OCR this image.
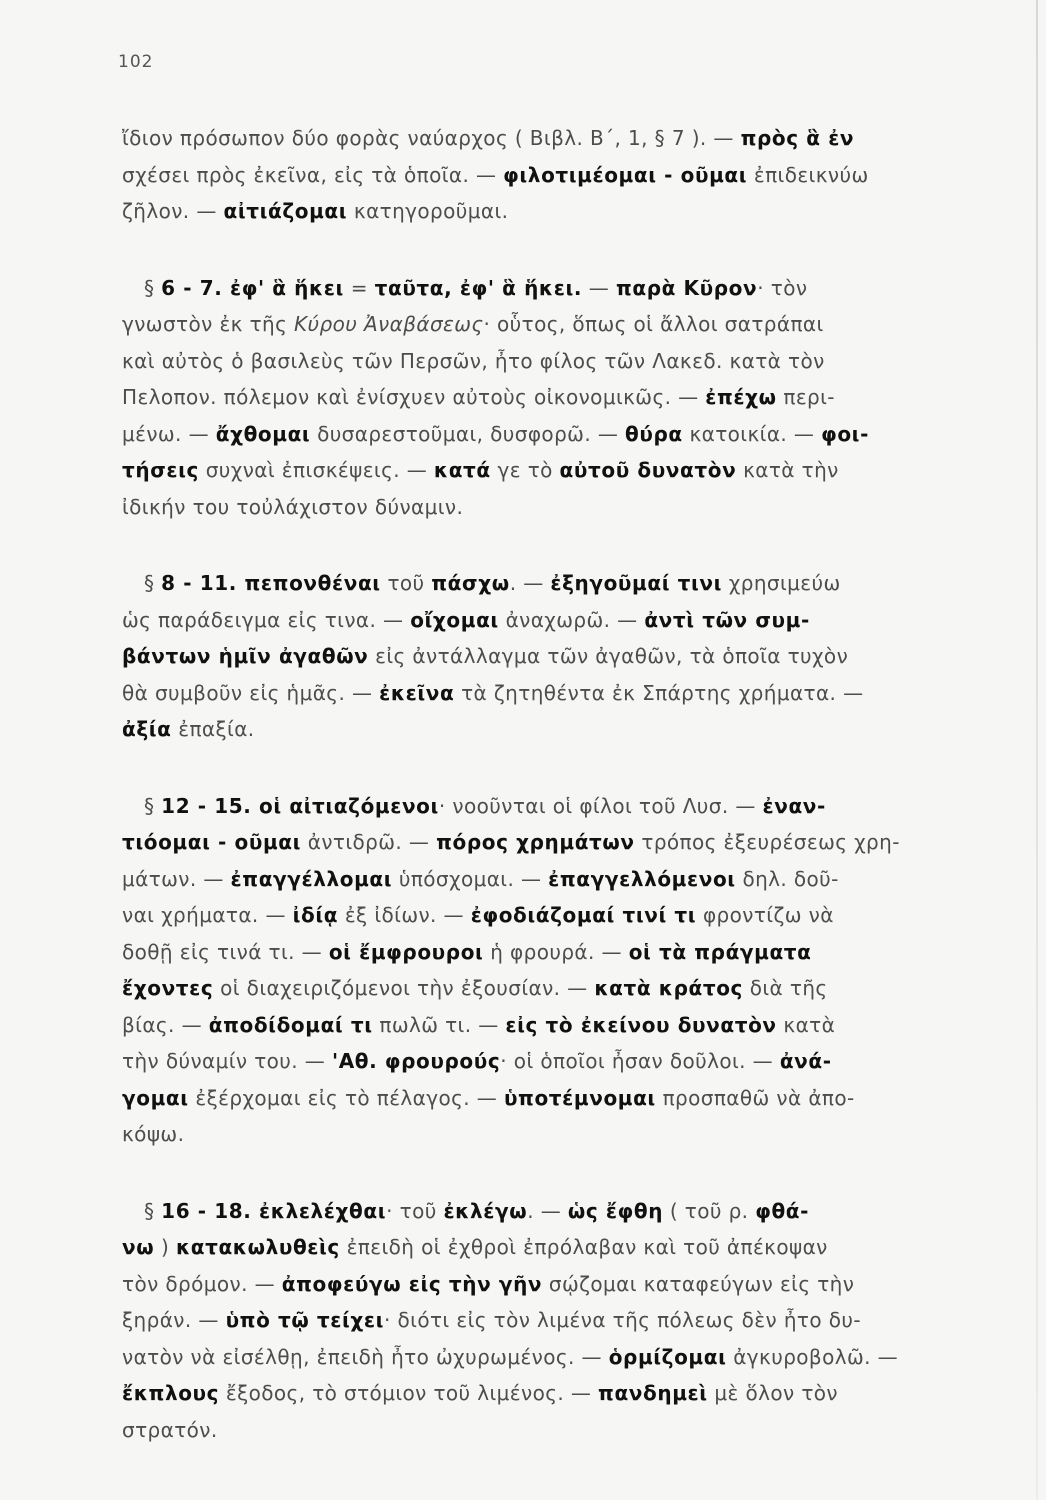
102
ἴδιον πρόσωπον δύο φορὰς ναύαρχος ( Βιβλ. Β΄, 1, § 7 ). — πρὸς ἃ ἐν
σχέσει πρὸς ἐκεῖνα, εἰς τὰ ὁποῖα. — φιλοτιμέομαι - οῦμαι ἐπιδεικνύω
ζῆλον. — αἰτιάζομαι κατηγοροῦμαι.
§ 6 - 7. ἐφ' ἃ ἥκει = ταῦτα, ἐφ' ἃ ἥκει. — παρὰ Κῦρον· τὸν
γνωστὸν ἐκ τῆς Κύρου Ἀναβάσεως· οὗτος, ὅπως οἱ ἄλλοι σατράπαι
καὶ αὐτὸς ὁ βασιλεὺς τῶν Περσῶν, ἦτο φίλος τῶν Λακεδ. κατὰ τὸν
Πελοπον. πόλεμον καὶ ἐνίσχυεν αὐτοὺς οἰκονομικῶς. — ἐπέχω περι-
μένω. — ἄχθομαι δυσαρεστοῦμαι, δυσφορῶ. — θύρα κατοικία. — φοι-
τήσεις συχναὶ ἐπισκέψεις. — κατά γε τὸ αὐτοῦ δυνατὸν κατὰ τὴν
ἰδικήν του τοὐλάχιστον δύναμιν.
§ 8 - 11. πεπονθέναι τοῦ πάσχω. — ἐξηγοῦμαί τινι χρησιμεύω
ὡς παράδειγμα εἰς τινα. — οἴχομαι ἀναχωρῶ. — ἀντὶ τῶν συμ-
βάντων ἡμῖν ἀγαθῶν εἰς ἀντάλλαγμα τῶν ἀγαθῶν, τὰ ὁποῖα τυχὸν
θὰ συμβοῦν εἰς ἡμᾶς. — ἐκεῖνα τὰ ζητηθέντα ἐκ Σπάρτης χρήματα. —
ἀξία ἐπαξία.
§ 12 - 15. οἱ αἰτιαζόμενοι· νοοῦνται οἱ φίλοι τοῦ Λυσ. — ἐναν-
τιόομαι - οῦμαι ἀντιδρῶ. — πόρος χρημάτων τρόπος ἐξευρέσεως χρη-
μάτων. — ἐπαγγέλλομαι ὑπόσχομαι. — ἐπαγγελλόμενοι δηλ. δοῦ-
ναι χρήματα. — ἰδίᾳ ἐξ ἰδίων. — ἐφοδιάζομαί τινί τι φροντίζω νὰ
δοθῇ εἰς τινά τι. — οἱ ἔμφρουροι ἡ φρουρά. — οἱ τὰ πράγματα
ἔχοντες οἱ διαχειριζόμενοι τὴν ἐξουσίαν. — κατὰ κράτος διὰ τῆς
βίας. — ἀποδίδομαί τι πωλῶ τι. — εἰς τὸ ἐκείνου δυνατὸν κατὰ
τὴν δύναμίν του. — 'Αθ. φρουρούς· οἱ ὁποῖοι ἦσαν δοῦλοι. — ἀνά-
γομαι ἐξέρχομαι εἰς τὸ πέλαγος. — ὑποτέμνομαι προσπαθῶ νὰ ἀπο-
κόψω.
§ 16 - 18. ἐκλελέχθαι· τοῦ ἐκλέγω. — ὡς ἔφθη ( τοῦ ρ. φθά-
νω ) κατακωλυθεὶς ἐπειδὴ οἱ ἐχθροὶ ἐπρόλαβαν καὶ τοῦ ἀπέκοψαν
τὸν δρόμον. — ἀποφεύγω εἰς τὴν γῆν σῴζομαι καταφεύγων εἰς τὴν
ξηράν. — ὑπὸ τῷ τείχει· διότι εἰς τὸν λιμένα τῆς πόλεως δὲν ἦτο δυ-
νατὸν νὰ εἰσέλθῃ, ἐπειδὴ ἦτο ὠχυρωμένος. — ὁρμίζομαι ἀγκυροβολῶ. —
ἔκπλους ἔξοδος, τὸ στόμιον τοῦ λιμένος. — πανδημεὶ μὲ ὅλον τὸν
στρατόν.
